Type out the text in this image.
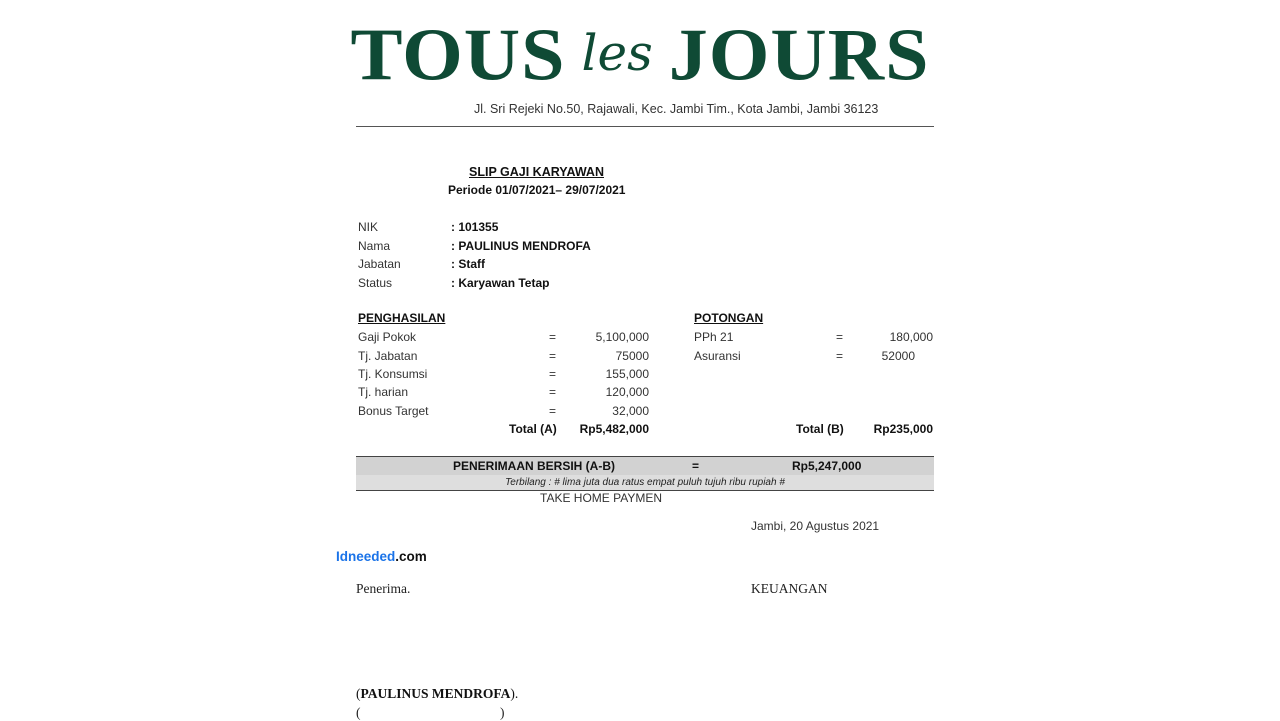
TOUS les JOURS
Jl. Sri Rejeki No.50, Rajawali, Kec. Jambi Tim., Kota Jambi, Jambi 36123
SLIP GAJI KARYAWAN
Periode 01/07/2021– 29/07/2021
NIK	: 101355
Nama	: PAULINUS MENDROFA
Jabatan	: Staff
Status	: Karyawan Tetap
PENGHASILAN
Gaji Pokok	=	5,100,000
Tj. Jabatan	=	75000
Tj. Konsumsi	=	155,000
Tj. harian	=	120,000
Bonus Target	=	32,000
Total (A)	Rp5,482,000
POTONGAN
PPh 21	=	180,000
Asuransi	=	52000
Total (B)	Rp235,000
PENERIMAAN BERSIH (A-B)	=	Rp5,247,000
Terbilang : # lima juta dua ratus empat puluh tujuh ribu rupiah #
TAKE HOME PAYMEN
Jambi, 20 Agustus 2021
Idneeded.com
Penerima.	KEUANGAN
(PAULINUS MENDROFA).
(	)
